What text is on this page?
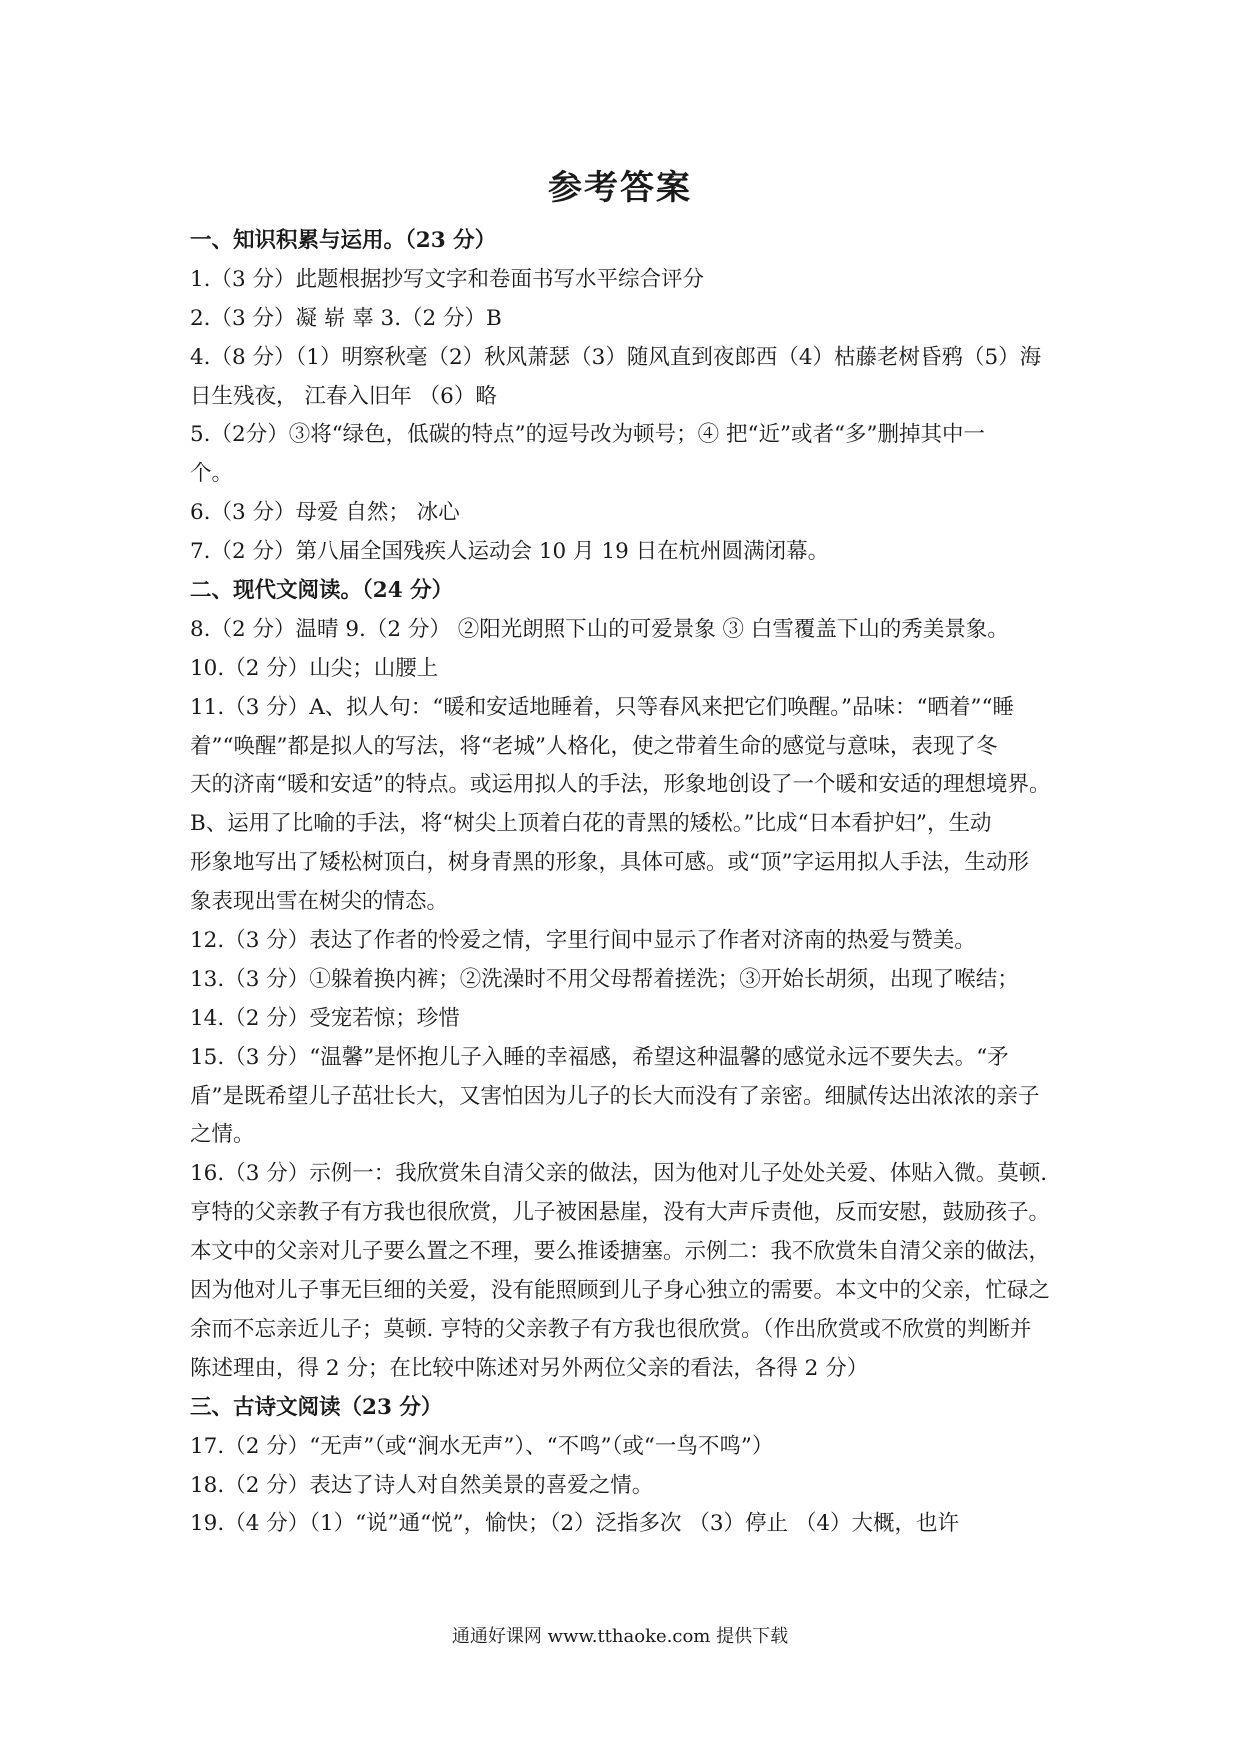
参考答案
一、知识积累与运用。（23 分）
1.（3 分）此题根据抄写文字和卷面书写水平综合评分
2.（3 分）凝 崭 辜 3.（2 分）B
4.（8 分）（1）明察秋毫（2）秋风萧瑟（3）随风直到夜郎西（4）枯藤老树昏鸦（5）海
日生残夜， 江春入旧年 （6）略
5.（2分）③将“绿色，低碳的特点”的逗号改为顿号；④ 把“近”或者“多”删掉其中一
个。
6.（3 分）母爱 自然； 冰心
7.（2 分）第八届全国残疾人运动会 10 月 19 日在杭州圆满闭幕。
二、现代文阅读。（24 分）
8.（2 分）温晴 9.（2 分） ②阳光朗照下山的可爱景象 ③ 白雪覆盖下山的秀美景象。
10.（2 分）山尖；山腰上
11.（3 分）A、拟人句：“暖和安适地睡着，只等春风来把它们唤醒。”品味：“晒着”“睡
着”“唤醒”都是拟人的写法，将“老城”人格化，使之带着生命的感觉与意味，表现了冬
天的济南“暖和安适”的特点。或运用拟人的手法，形象地创设了一个暖和安适的理想境界。
B、运用了比喻的手法，将“树尖上顶着白花的青黑的矮松。”比成“日本看护妇”，生动
形象地写出了矮松树顶白，树身青黑的形象，具体可感。或“顶”字运用拟人手法，生动形
象表现出雪在树尖的情态。
12.（3 分）表达了作者的怜爱之情，字里行间中显示了作者对济南的热爱与赞美。
13.（3 分）①躲着换内裤；②洗澡时不用父母帮着搓洗；③开始长胡须，出现了喉结；
14.（2 分）受宠若惊；珍惜
15.（3 分）“温馨”是怀抱儿子入睡的幸福感，希望这种温馨的感觉永远不要失去。“矛
盾”是既希望儿子茁壮长大，又害怕因为儿子的长大而没有了亲密。细腻传达出浓浓的亲子
之情。
16.（3 分）示例一：我欣赏朱自清父亲的做法，因为他对儿子处处关爱、体贴入微。莫顿.
亨特的父亲教子有方我也很欣赏，儿子被困悬崖，没有大声斥责他，反而安慰，鼓励孩子。
本文中的父亲对儿子要么置之不理，要么推诿搪塞。示例二：我不欣赏朱自清父亲的做法，
因为他对儿子事无巨细的关爱，没有能照顾到儿子身心独立的需要。本文中的父亲，忙碌之
余而不忘亲近儿子；莫顿. 亨特的父亲教子有方我也很欣赏。（作出欣赏或不欣赏的判断并
陈述理由，得 2 分；在比较中陈述对另外两位父亲的看法，各得 2 分）
三、古诗文阅读（23 分）
17.（2 分）“无声”（或“涧水无声”）、“不鸣”（或“一鸟不鸣”）
18.（2 分）表达了诗人对自然美景的喜爱之情。
19.（4 分）（1）“说”通“悦”，愉快；（2）泛指多次 （3）停止 （4）大概，也许
通通好课网 www.tthaoke.com 提供下载
